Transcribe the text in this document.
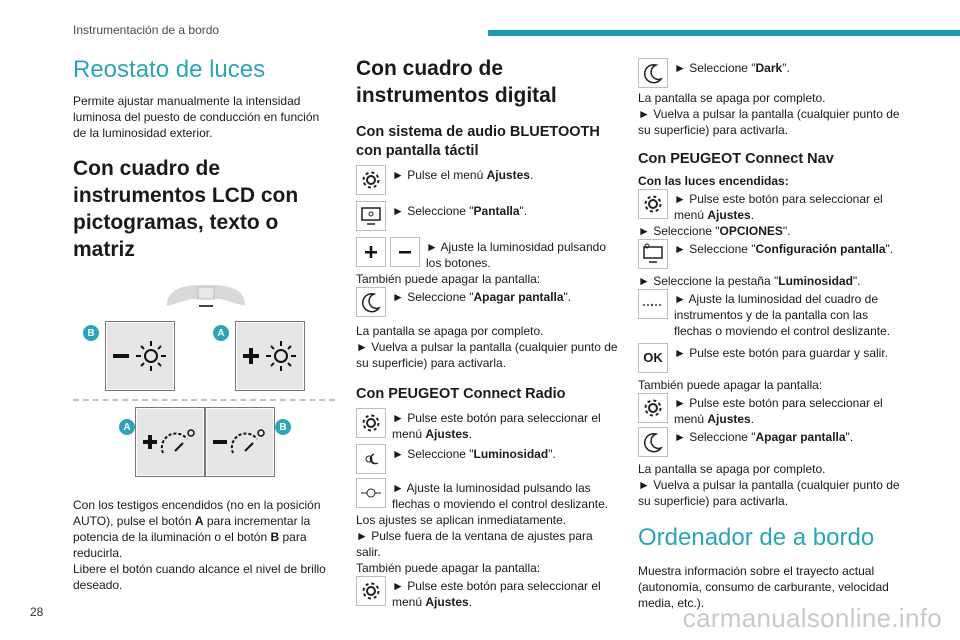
Instrumentación de a bordo
Reostato de luces

Permite ajustar manualmente la intensidad luminosa del puesto de conducción en función de la luminosidad exterior.

Con cuadro de instrumentos LCD con pictogramas, texto o matriz
B	A
A	B

Con los testigos encendidos (no en la posición AUTO), pulse el botón A para incrementar la potencia de la iluminación o el botón B para reducirla.

Libere el botón cuando alcance el nivel de brillo deseado.

Con cuadro de instrumentos digital
Con sistema de audio BLUETOOTH con pantalla táctil
► Pulse el menú Ajustes.
► Seleccione "Pantalla".
► Ajuste la luminosidad pulsando los botones.

También puede apagar la pantalla:

► Seleccione "Apagar pantalla".

La pantalla se apaga por completo.

► Vuelva a pulsar la pantalla (cualquier punto de su superficie) para activarla.

Con PEUGEOT Connect Radio
► Pulse este botón para seleccionar el menú Ajustes.
► Seleccione "Luminosidad".
► Ajuste la luminosidad pulsando las flechas o moviendo el control deslizante.

Los ajustes se aplican inmediatamente.

► Pulse fuera de la ventana de ajustes para salir.

También puede apagar la pantalla:

► Pulse este botón para seleccionar el menú Ajustes.
► Seleccione "Dark".

La pantalla se apaga por completo.

► Vuelva a pulsar la pantalla (cualquier punto de su superficie) para activarla.

Con PEUGEOT Connect Nav
Con las luces encendidas:
► Pulse este botón para seleccionar el menú Ajustes.

► Seleccione "OPCIONES".

► Seleccione "Configuración pantalla".

► Seleccione la pestaña "Luminosidad".

► Ajuste la luminosidad del cuadro de instrumentos y de la pantalla con las flechas o moviendo el control deslizante.
OK ► Pulse este botón para guardar y salir.

También puede apagar la pantalla:

► Pulse este botón para seleccionar el menú Ajustes.
► Seleccione "Apagar pantalla".

La pantalla se apaga por completo.

► Vuelva a pulsar la pantalla (cualquier punto de su superficie) para activarla.

Ordenador de a bordo

Muestra información sobre el trayecto actual (autonomía, consumo de carburante, velocidad media, etc.).

28	carmanualsonline.info
